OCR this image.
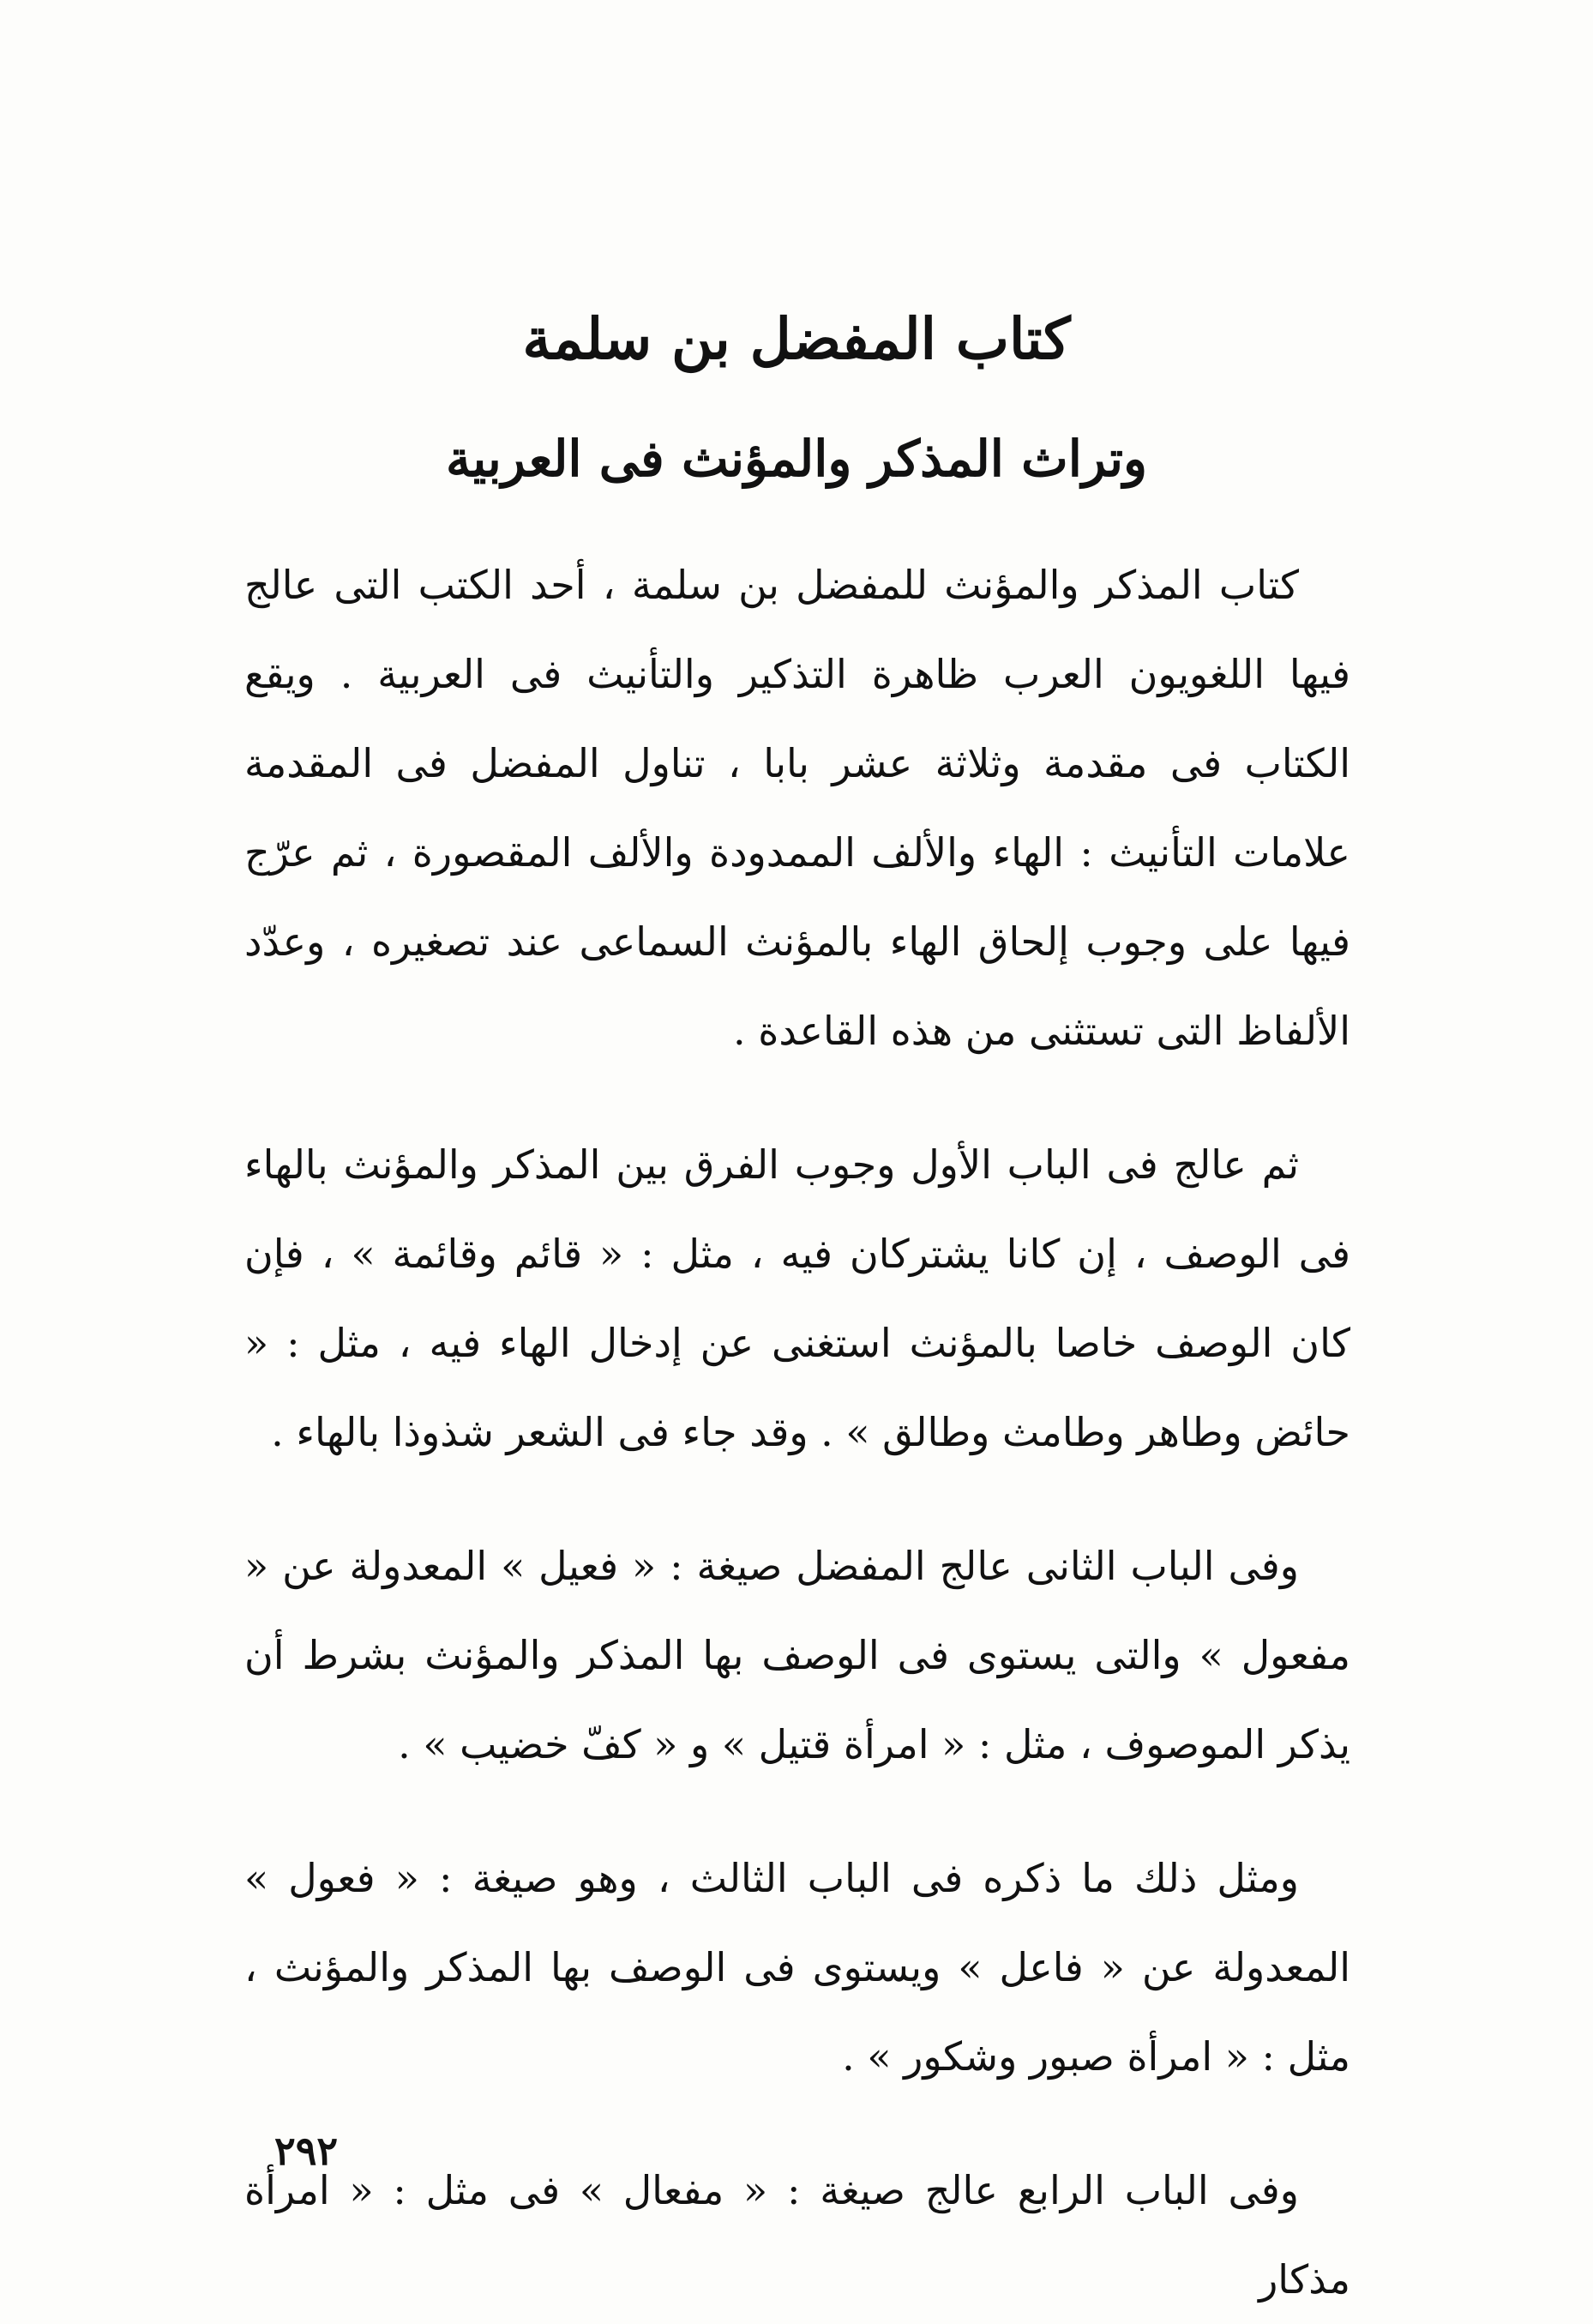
كتاب المفضل بن سلمة
وتراث المذكر والمؤنث فى العربية

كتاب المذكر والمؤنث للمفضل بن سلمة ، أحد الكتب التى عالج فيها اللغويون العرب ظاهرة التذكير والتأنيث فى العربية . ويقع الكتاب فى مقدمة وثلاثة عشر بابا ، تناول المفضل فى المقدمة علامات التأنيث : الهاء والألف الممدودة والألف المقصورة ، ثم عرّج فيها على وجوب إلحاق الهاء بالمؤنث السماعى عند تصغيره ، وعدّد الألفاظ التى تستثنى من هذه القاعدة .

ثم عالج فى الباب الأول وجوب الفرق بين المذكر والمؤنث بالهاء فى الوصف ، إن كانا يشتركان فيه ، مثل : « قائم وقائمة » ، فإن كان الوصف خاصا بالمؤنث استغنى عن إدخال الهاء فيه ، مثل : « حائض وطاهر وطامث وطالق » . وقد جاء فى الشعر شذوذا بالهاء .

وفى الباب الثانى عالج المفضل صيغة : « فعيل » المعدولة عن « مفعول » والتى يستوى فى الوصف بها المذكر والمؤنث بشرط أن يذكر الموصوف ، مثل : « امرأة قتيل » و « كفّ خضيب » .

ومثل ذلك ما ذكره فى الباب الثالث ، وهو صيغة : « فعول » المعدولة عن « فاعل » ويستوى فى الوصف بها المذكر والمؤنث ، مثل : « امرأة صبور وشكور » .

وفى الباب الرابع عالج صيغة : « مفعال » فى مثل : « امرأة مذكار

٢٩٢
